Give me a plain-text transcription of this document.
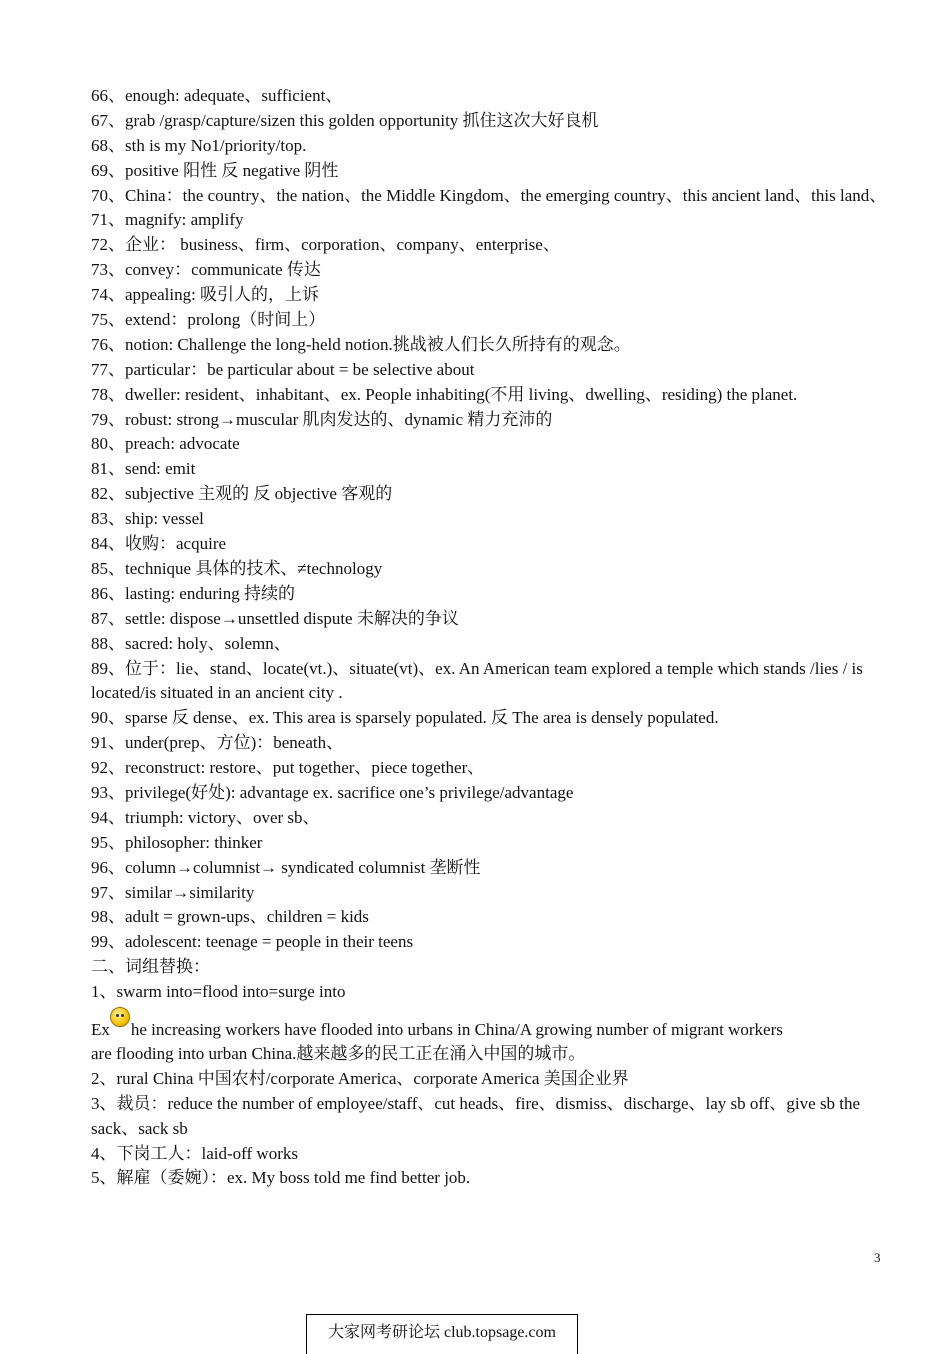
66、enough: adequate、sufficient、
67、grab /grasp/capture/sizen this golden opportunity 抓住这次大好良机
68、sth is my No1/priority/top.
69、positive 阳性 反 negative 阴性
70、China：the country、the nation、the Middle Kingdom、the emerging country、this ancient land、this land、
71、magnify: amplify
72、企业： business、firm、corporation、company、enterprise、
73、convey：communicate 传达
74、appealing: 吸引人的，上诉
75、extend：prolong（时间上）
76、notion: Challenge the long-held notion.挑战被人们长久所持有的观念。
77、particular：be particular about = be selective about
78、dweller: resident、inhabitant、ex. People inhabiting(不用 living、dwelling、residing) the planet.
79、robust: strong→muscular 肌肉发达的、dynamic 精力充沛的
80、preach: advocate
81、send: emit
82、subjective 主观的 反 objective 客观的
83、ship: vessel
84、收购：acquire
85、technique 具体的技术、≠technology
86、lasting: enduring 持续的
87、settle: dispose→unsettled dispute 未解决的争议
88、sacred: holy、solemn、
89、位于：lie、stand、locate(vt.)、situate(vt)、ex. An American team explored a temple which stands /lies / is located/is situated in an ancient city .
90、sparse 反 dense、ex. This area is sparsely populated. 反 The area is densely populated.
91、under(prep、方位)：beneath、
92、reconstruct: restore、put together、piece together、
93、privilege(好处): advantage ex. sacrifice one’s privilege/advantage
94、triumph: victory、over sb、
95、philosopher: thinker
96、column→columnist→ syndicated columnist 垄断性
97、similar→similarity
98、adult = grown-ups、children = kids
99、adolescent: teenage = people in their teens
二、词组替换：
1、swarm into=flood into=surge into
Ex he increasing workers have flooded into urbans in China/A growing number of migrant workers
are flooding into urban China.越来越多的民工正在涌入中国的城市。
2、rural China 中国农村/corporate America、corporate America 美国企业界
3、裁员：reduce the number of employee/staff、cut heads、fire、dismiss、discharge、lay sb off、give sb the sack、sack sb
4、下岗工人：laid-off works
5、解雇（委婉）：ex. My boss told me find better job.
3
大家网考研论坛 club.topsage.com
